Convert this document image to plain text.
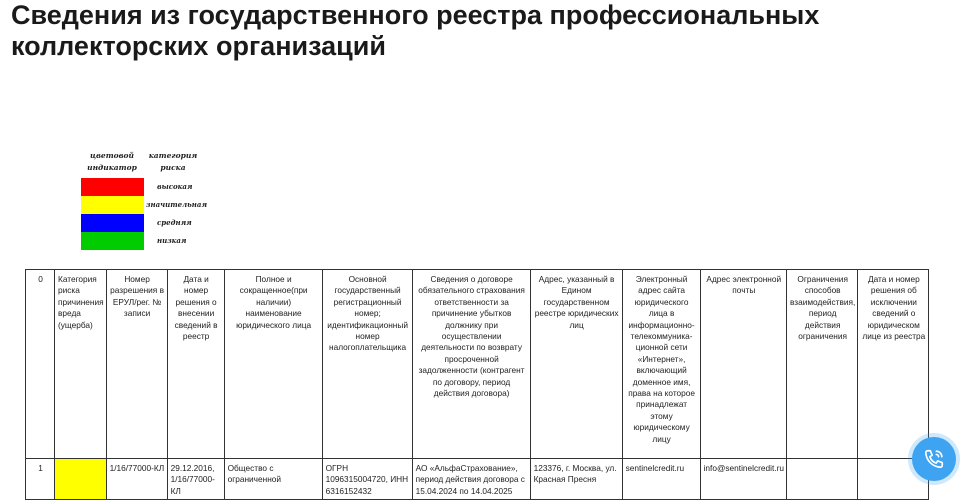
Сведения из государственного реестра профессиональных коллекторских организаций
цветовой индикатор
категория риска
высокая
значительная
средняя
низкая
0	Категория риска причинения вреда (ущерба)	Номер разрешения в ЕРУЛ/рег. № записи	Дата и номер решения о внесении сведений в реестр	Полное и сокращенное(при наличии) наименование юридического лица	Основной государственный регистрационный номер; идентификационный номер налогоплательщика	Сведения о договоре обязательного страхования ответственности за причинение убытков должнику при осуществлении деятельности по возврату просроченной задолженности (контрагент по договору, период действия договора)	Адрес, указанный в Едином государственном реестре юридических лиц	Электронный адрес сайта юридического лица в информационно-телекоммуника-ционной сети «Интернет», включающий доменное имя, права на которое принадлежат этому юридическому лицу	Адрес электронной почты	Ограничения способов взаимодействия, период действия ограничения	Дата и номер решения об исключении сведений о юридическом лице из реестра
1		1/16/77000-КЛ	29.12.2016, 1/16/77000-КЛ	Общество с ограниченной	ОГРН 1096315004720, ИНН 6316152432	АО «АльфаСтрахование», период действия договора с 15.04.2024 по 14.04.2025	123376, г. Москва, ул. Красная Пресня	sentinelcredit.ru	info@sentinelcredit.ru		
